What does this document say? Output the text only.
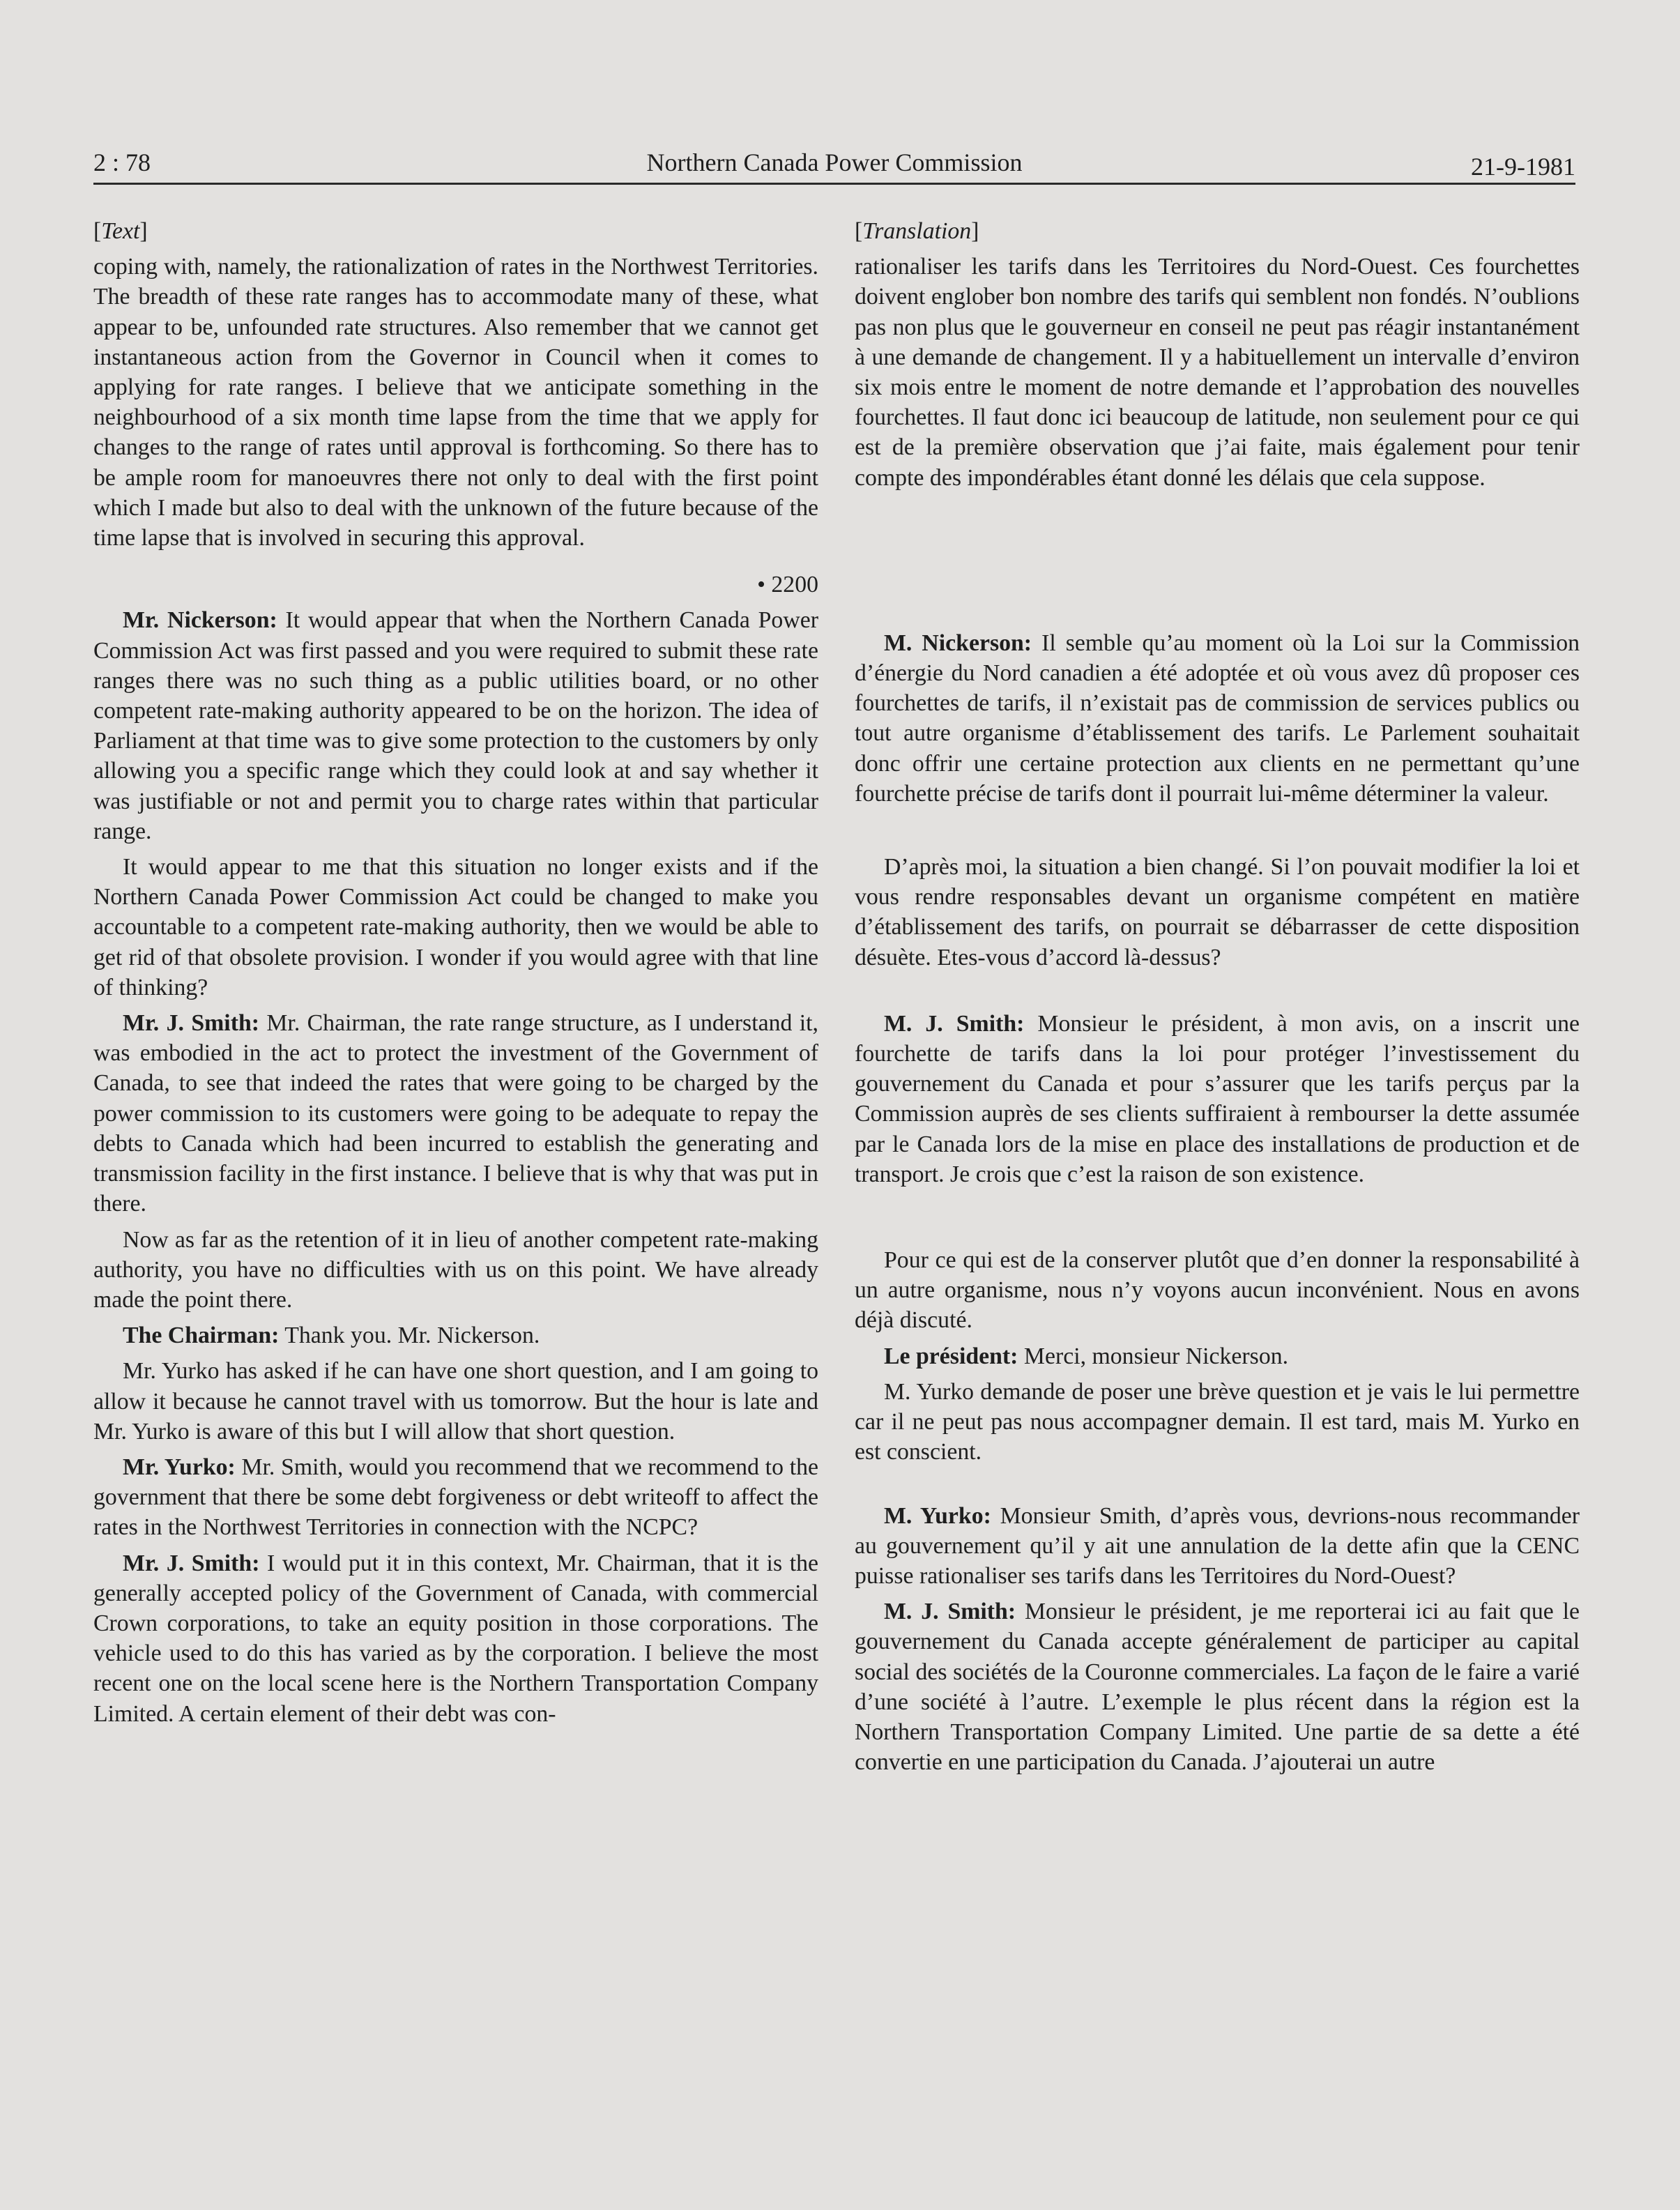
2 : 78	Northern Canada Power Commission	21-9-1981

[Text]

coping with, namely, the rationalization of rates in the Northwest Territories. The breadth of these rate ranges has to accommodate many of these, what appear to be, unfounded rate structures. Also remember that we cannot get instantaneous action from the Governor in Council when it comes to applying for rate ranges. I believe that we anticipate something in the neighbourhood of a six month time lapse from the time that we apply for changes to the range of rates until approval is forthcoming. So there has to be ample room for manoeuvres there not only to deal with the first point which I made but also to deal with the unknown of the future because of the time lapse that is involved in securing this approval.

• 2200

Mr. Nickerson: It would appear that when the Northern Canada Power Commission Act was first passed and you were required to submit these rate ranges there was no such thing as a public utilities board, or no other competent rate-making authority appeared to be on the horizon. The idea of Parliament at that time was to give some protection to the customers by only allowing you a specific range which they could look at and say whether it was justifiable or not and permit you to charge rates within that particular range.

It would appear to me that this situation no longer exists and if the Northern Canada Power Commission Act could be changed to make you accountable to a competent rate-making authority, then we would be able to get rid of that obsolete provision. I wonder if you would agree with that line of thinking?

Mr. J. Smith: Mr. Chairman, the rate range structure, as I understand it, was embodied in the act to protect the investment of the Government of Canada, to see that indeed the rates that were going to be charged by the power commission to its customers were going to be adequate to repay the debts to Canada which had been incurred to establish the generating and transmission facility in the first instance. I believe that is why that was put in there.

Now as far as the retention of it in lieu of another competent rate-making authority, you have no difficulties with us on this point. We have already made the point there.

The Chairman: Thank you. Mr. Nickerson.

Mr. Yurko has asked if he can have one short question, and I am going to allow it because he cannot travel with us tomorrow. But the hour is late and Mr. Yurko is aware of this but I will allow that short question.

Mr. Yurko: Mr. Smith, would you recommend that we recommend to the government that there be some debt forgiveness or debt writeoff to affect the rates in the Northwest Territories in connection with the NCPC?

Mr. J. Smith: I would put it in this context, Mr. Chairman, that it is the generally accepted policy of the Government of Canada, with commercial Crown corporations, to take an equity position in those corporations. The vehicle used to do this has varied as by the corporation. I believe the most recent one on the local scene here is the Northern Transportation Company Limited. A certain element of their debt was con-

[Translation]

rationaliser les tarifs dans les Territoires du Nord-Ouest. Ces fourchettes doivent englober bon nombre des tarifs qui semblent non fondés. N’oublions pas non plus que le gouverneur en conseil ne peut pas réagir instantanément à une demande de changement. Il y a habituellement un intervalle d’environ six mois entre le moment de notre demande et l’approbation des nouvelles fourchettes. Il faut donc ici beaucoup de latitude, non seulement pour ce qui est de la première observation que j’ai faite, mais également pour tenir compte des impondérables étant donné les délais que cela suppose.

M. Nickerson: Il semble qu’au moment où la Loi sur la Commission d’énergie du Nord canadien a été adoptée et où vous avez dû proposer ces fourchettes de tarifs, il n’existait pas de commission de services publics ou tout autre organisme d’établissement des tarifs. Le Parlement souhaitait donc offrir une certaine protection aux clients en ne permettant qu’une fourchette précise de tarifs dont il pourrait lui-même déterminer la valeur.

D’après moi, la situation a bien changé. Si l’on pouvait modifier la loi et vous rendre responsables devant un organisme compétent en matière d’établissement des tarifs, on pourrait se débarrasser de cette disposition désuète. Etes-vous d’accord là-dessus?

M. J. Smith: Monsieur le président, à mon avis, on a inscrit une fourchette de tarifs dans la loi pour protéger l’investissement du gouvernement du Canada et pour s’assurer que les tarifs perçus par la Commission auprès de ses clients suffiraient à rembourser la dette assumée par le Canada lors de la mise en place des installations de production et de transport. Je crois que c’est la raison de son existence.

Pour ce qui est de la conserver plutôt que d’en donner la responsabilité à un autre organisme, nous n’y voyons aucun inconvénient. Nous en avons déjà discuté.

Le président: Merci, monsieur Nickerson.

M. Yurko demande de poser une brève question et je vais le lui permettre car il ne peut pas nous accompagner demain. Il est tard, mais M. Yurko en est conscient.

M. Yurko: Monsieur Smith, d’après vous, devrions-nous recommander au gouvernement qu’il y ait une annulation de la dette afin que la CENC puisse rationaliser ses tarifs dans les Territoires du Nord-Ouest?

M. J. Smith: Monsieur le président, je me reporterai ici au fait que le gouvernement du Canada accepte généralement de participer au capital social des sociétés de la Couronne commerciales. La façon de le faire a varié d’une société à l’autre. L’exemple le plus récent dans la région est la Northern Transportation Company Limited. Une partie de sa dette a été convertie en une participation du Canada. J’ajouterai un autre
